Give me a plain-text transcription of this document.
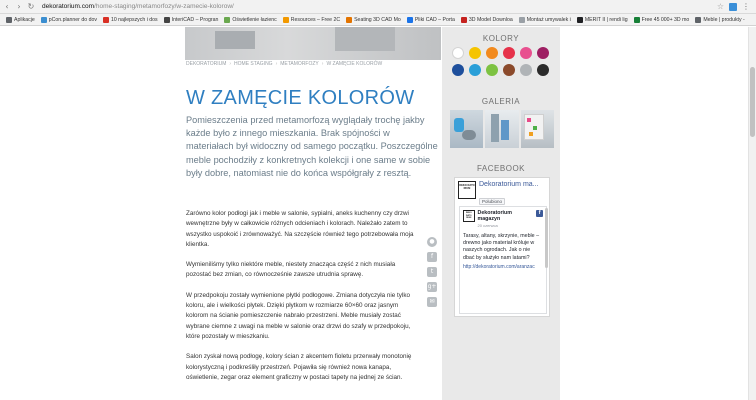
‹	› ↻ dekoratorium.com/home-staging/metamorfozy/w-zamecie-kolorow/	☆ ⋮
Aplikacje	pCon.planner do dov	10 najlepszych i dos	InteriCAD – Progran	Oświetlenie łazienc	Resources – Free 2C	Seating 3D CAD Mo	Pliki CAD – Porta	3D Model Downloa	Montaż umywalek i	MERIT II | rendi lig	Free 45 000+ 3D mo	Meble | produkty -
DEKORATORIUM › HOME STAGING › METAMORFOZY › W ZAMĘCIE KOLORÓW
W ZAMĘCIE KOLORÓW

Pomieszczenia przed metamorfozą wyglądały trochę jakby każde było z innego mieszkania. Brak spójności w materiałach był widoczny od samego początku. Poszczególne meble pochodziły z konkretnych kolekcji i one same w sobie były dobre, natomiast nie do końca współgrały z resztą.

Zarówno kolor podłogi jak i meble w salonie, sypialni, aneks kuchenny czy drzwi wewnętrzne były w całkowicie różnych odcieniach i kolorach. Należało zatem to wszystko uspokoić i zrównoważyć. Na szczęście również tego potrzebowała moja klientka.

Wymieniliśmy tylko niektóre meble, niestety znacząca część z nich musiała pozostać bez zmian, co równocześnie zawsze utrudnia sprawę.

W przedpokoju zostały wymienione płytki podłogowe. Zmiana dotyczyła nie tylko koloru, ale i wielkości płytek. Dzięki płytkom w rozmiarze 60×60 oraz jasnym kolorom na ścianie pomieszczenie nabrało przestrzeni. Meble musiały zostać wybrane ciemne z uwagi na meble w salonie oraz drzwi do szafy w przedpokoju, które pozostały w mieszkaniu.

Salon zyskał nową podłogę, kolory ścian z akcentem fioletu przerwały monotonię kolorystyczną i podkreśliły przestrzeń. Pojawiła się również nowa kanapa, oświetlenie, zegar oraz element graficzny w postaci tapety na jednej ze ścian.

●
f
t
g+
✉
KOLORY
GALERIA
FACEBOOK
DEKO RATO RIUM
Dekoratorium ma...
Polubiono
DEKO RATO RIUM
Dekoratorium magazyn
20 czerwca
f
Tarasy, altany, skrzynie, meble – drewno jako materiał króluje w naszych ogrodach. Jak o nie dbać by służyło nam latami?
http://dekoratorium.com/aranzac
